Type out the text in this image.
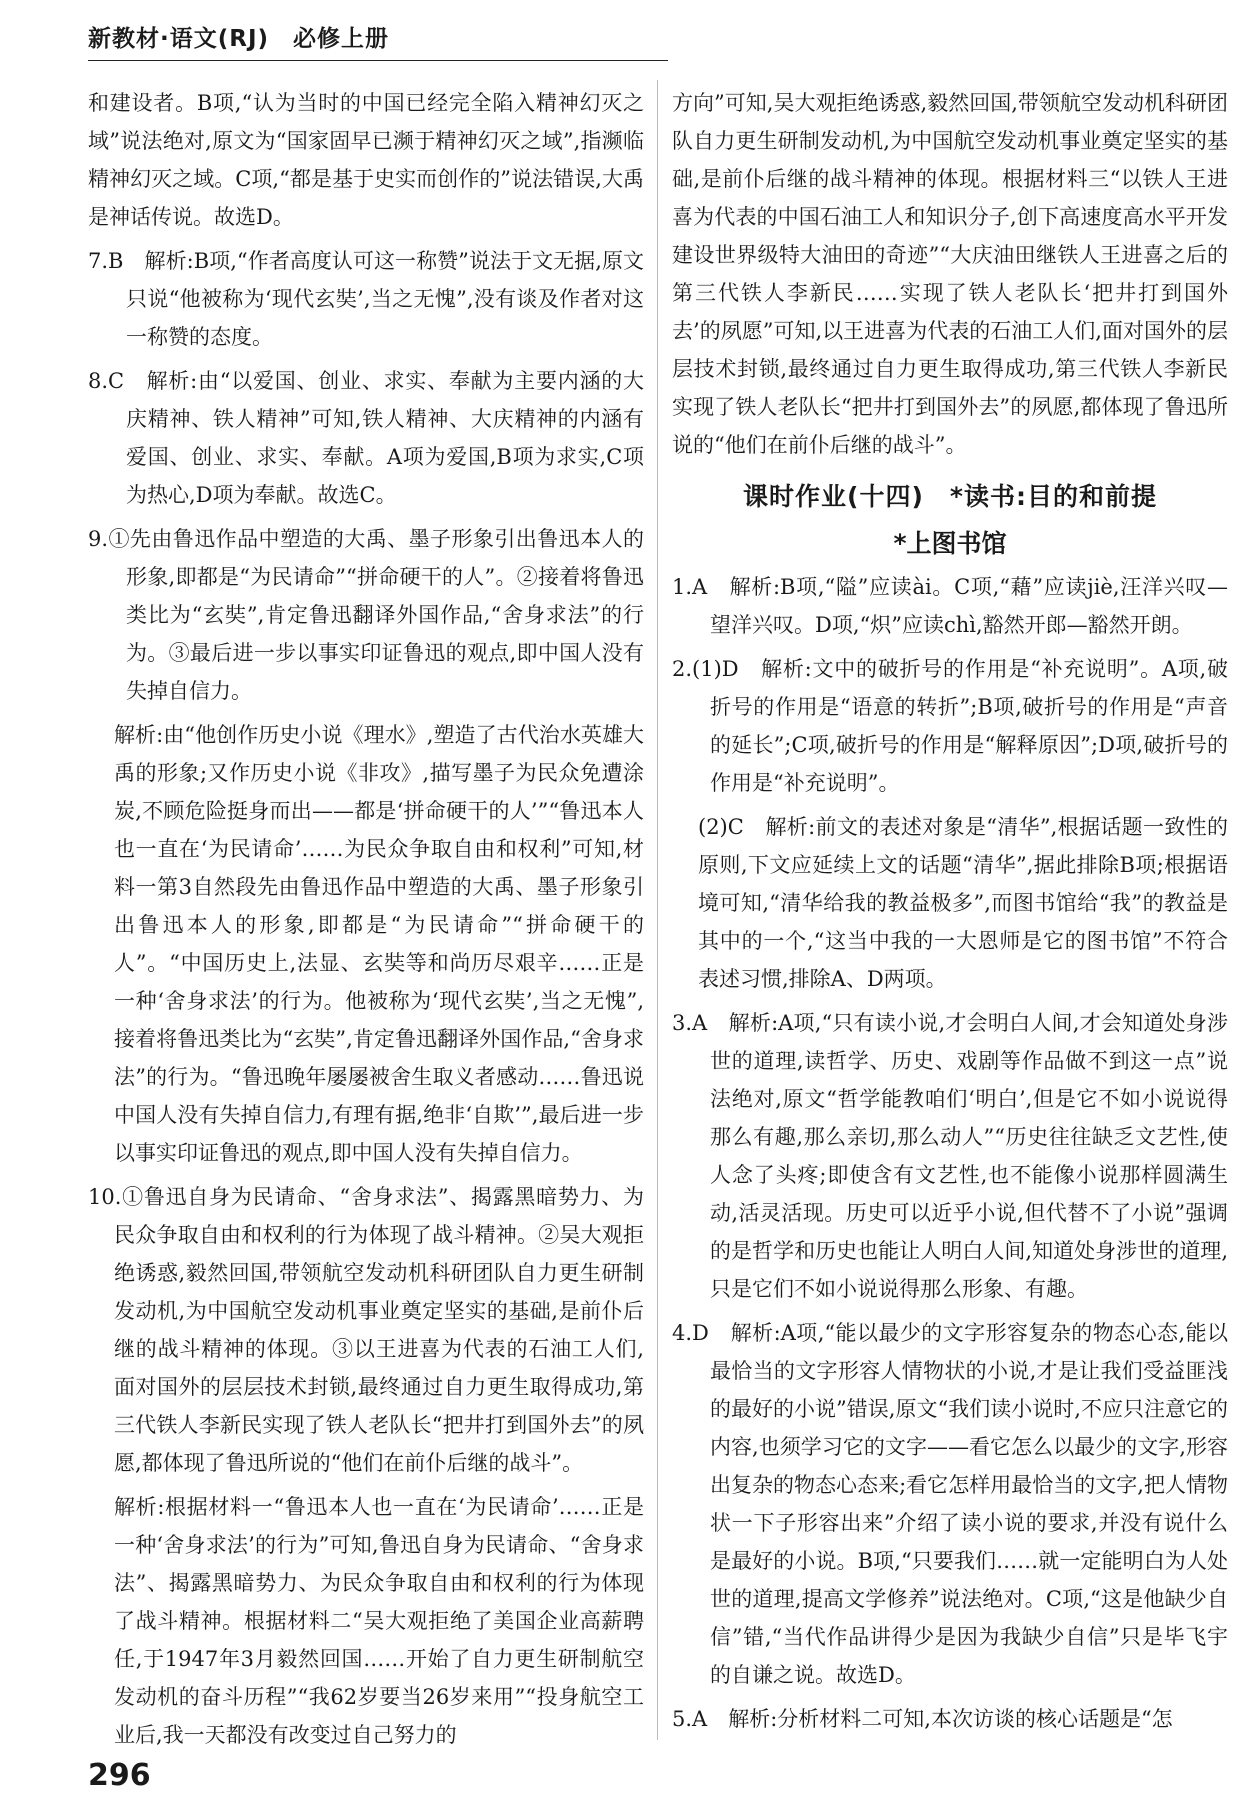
新教材·语文(RJ)　必修上册
和建设者。B项,“认为当时的中国已经完全陷入精神幻灭之域”说法绝对,原文为“国家固早已濒于精神幻灭之域”,指濒临精神幻灭之域。C项,“都是基于史实而创作的”说法错误,大禹是神话传说。故选D。
7.B　解析:B项,“作者高度认可这一称赞”说法于文无据,原文只说“他被称为‘现代玄奘’,当之无愧”,没有谈及作者对这一称赞的态度。
8.C　解析:由“以爱国、创业、求实、奉献为主要内涵的大庆精神、铁人精神”可知,铁人精神、大庆精神的内涵有爱国、创业、求实、奉献。A项为爱国,B项为求实,C项为热心,D项为奉献。故选C。
9.①先由鲁迅作品中塑造的大禹、墨子形象引出鲁迅本人的形象,即都是“为民请命”“拼命硬干的人”。②接着将鲁迅类比为“玄奘”,肯定鲁迅翻译外国作品,“舍身求法”的行为。③最后进一步以事实印证鲁迅的观点,即中国人没有失掉自信力。
解析:由“他创作历史小说《理水》,塑造了古代治水英雄大禹的形象;又作历史小说《非攻》,描写墨子为民众免遭涂炭,不顾危险挺身而出——都是‘拼命硬干的人’”“鲁迅本人也一直在‘为民请命’……为民众争取自由和权利”可知,材料一第3自然段先由鲁迅作品中塑造的大禹、墨子形象引出鲁迅本人的形象,即都是“为民请命”“拼命硬干的人”。“中国历史上,法显、玄奘等和尚历尽艰辛……正是一种‘舍身求法’的行为。他被称为‘现代玄奘’,当之无愧”,接着将鲁迅类比为“玄奘”,肯定鲁迅翻译外国作品,“舍身求法”的行为。“鲁迅晚年屡屡被舍生取义者感动……鲁迅说中国人没有失掉自信力,有理有据,绝非‘自欺’”,最后进一步以事实印证鲁迅的观点,即中国人没有失掉自信力。
10.①鲁迅自身为民请命、“舍身求法”、揭露黑暗势力、为民众争取自由和权利的行为体现了战斗精神。②吴大观拒绝诱惑,毅然回国,带领航空发动机科研团队自力更生研制发动机,为中国航空发动机事业奠定坚实的基础,是前仆后继的战斗精神的体现。③以王进喜为代表的石油工人们,面对国外的层层技术封锁,最终通过自力更生取得成功,第三代铁人李新民实现了铁人老队长“把井打到国外去”的夙愿,都体现了鲁迅所说的“他们在前仆后继的战斗”。
解析:根据材料一“鲁迅本人也一直在‘为民请命’……正是一种‘舍身求法’的行为”可知,鲁迅自身为民请命、“舍身求法”、揭露黑暗势力、为民众争取自由和权利的行为体现了战斗精神。根据材料二“吴大观拒绝了美国企业高薪聘任,于1947年3月毅然回国……开始了自力更生研制航空发动机的奋斗历程”“我62岁要当26岁来用”“投身航空工业后,我一天都没有改变过自己努力的
方向”可知,吴大观拒绝诱惑,毅然回国,带领航空发动机科研团队自力更生研制发动机,为中国航空发动机事业奠定坚实的基础,是前仆后继的战斗精神的体现。根据材料三“以铁人王进喜为代表的中国石油工人和知识分子,创下高速度高水平开发建设世界级特大油田的奇迹”“大庆油田继铁人王进喜之后的第三代铁人李新民……实现了铁人老队长‘把井打到国外去’的夙愿”可知,以王进喜为代表的石油工人们,面对国外的层层技术封锁,最终通过自力更生取得成功,第三代铁人李新民实现了铁人老队长“把井打到国外去”的夙愿,都体现了鲁迅所说的“他们在前仆后继的战斗”。
课时作业(十四)　*读书:目的和前提
*上图书馆
1.A　解析:B项,“隘”应读ài。C项,“藉”应读jiè,汪洋兴叹—望洋兴叹。D项,“炽”应读chì,豁然开郎—豁然开朗。
2.(1)D　解析:文中的破折号的作用是“补充说明”。A项,破折号的作用是“语意的转折”;B项,破折号的作用是“声音的延长”;C项,破折号的作用是“解释原因”;D项,破折号的作用是“补充说明”。
(2)C　解析:前文的表述对象是“清华”,根据话题一致性的原则,下文应延续上文的话题“清华”,据此排除B项;根据语境可知,“清华给我的教益极多”,而图书馆给“我”的教益是其中的一个,“这当中我的一大恩师是它的图书馆”不符合表述习惯,排除A、D两项。
3.A　解析:A项,“只有读小说,才会明白人间,才会知道处身涉世的道理,读哲学、历史、戏剧等作品做不到这一点”说法绝对,原文“哲学能教咱们‘明白’,但是它不如小说说得那么有趣,那么亲切,那么动人”“历史往往缺乏文艺性,使人念了头疼;即使含有文艺性,也不能像小说那样圆满生动,活灵活现。历史可以近乎小说,但代替不了小说”强调的是哲学和历史也能让人明白人间,知道处身涉世的道理,只是它们不如小说说得那么形象、有趣。
4.D　解析:A项,“能以最少的文字形容复杂的物态心态,能以最恰当的文字形容人情物状的小说,才是让我们受益匪浅的最好的小说”错误,原文“我们读小说时,不应只注意它的内容,也须学习它的文字——看它怎么以最少的文字,形容出复杂的物态心态来;看它怎样用最恰当的文字,把人情物状一下子形容出来”介绍了读小说的要求,并没有说什么是最好的小说。B项,“只要我们……就一定能明白为人处世的道理,提高文学修养”说法绝对。C项,“这是他缺少自信”错,“当代作品讲得少是因为我缺少自信”只是毕飞宇的自谦之说。故选D。
5.A　解析:分析材料二可知,本次访谈的核心话题是“怎
296
